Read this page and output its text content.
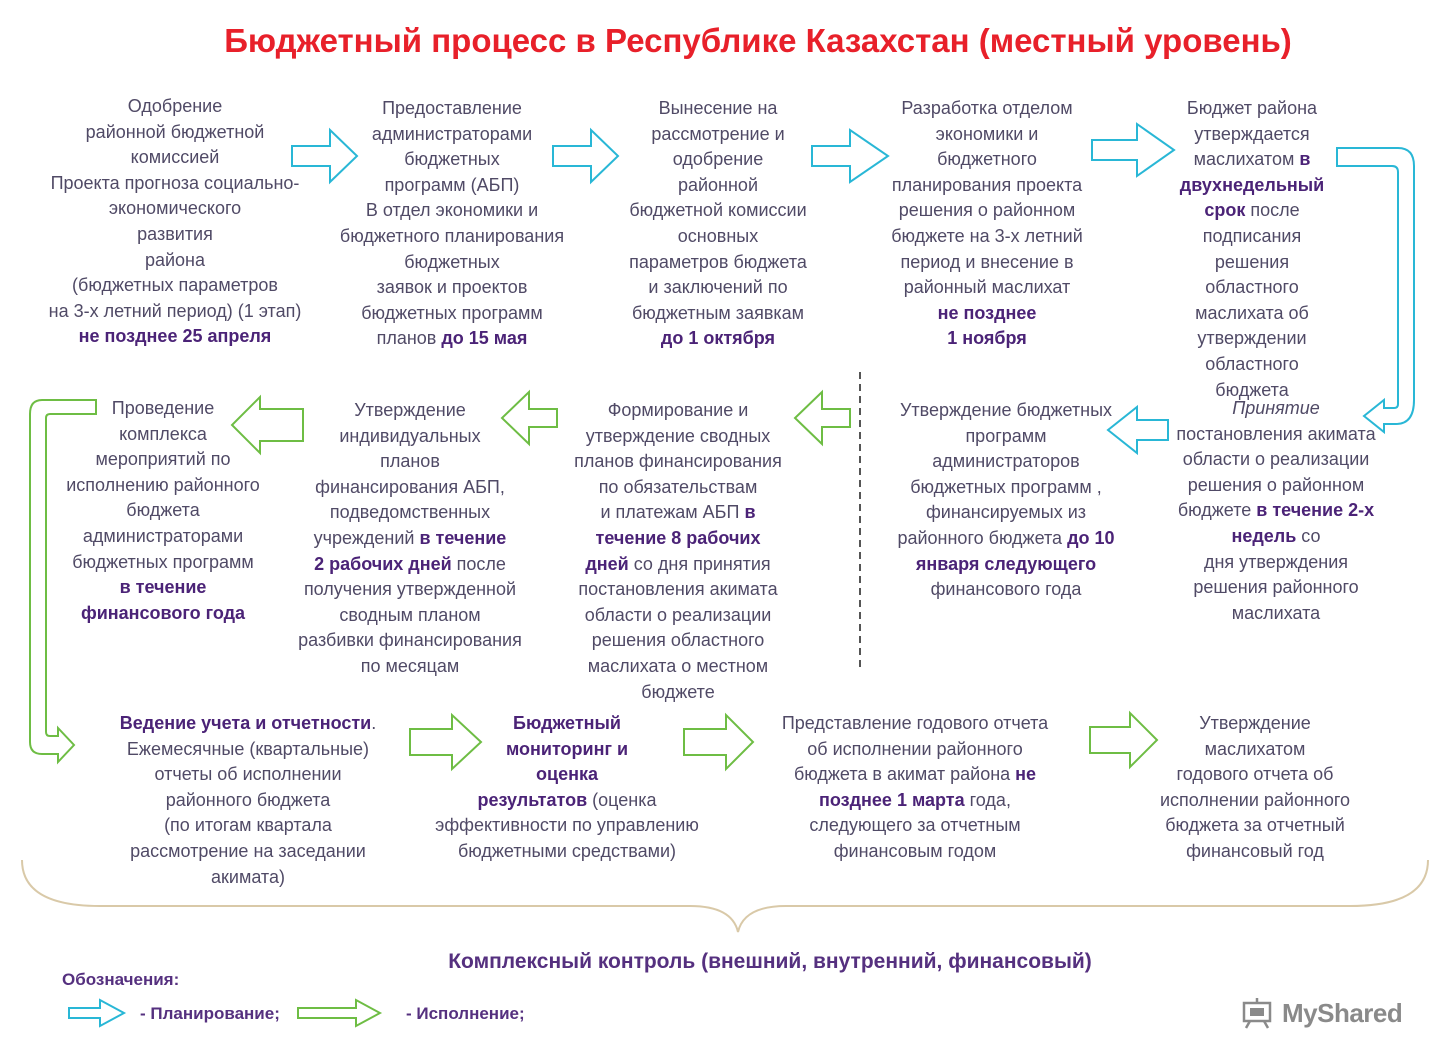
Бюджетный процесс в Республике Казахстан (местный уровень)
Одобрение
районной бюджетной
комиссией
Проекта прогноза социально-
экономического
развития
района
(бюджетных параметров
на 3-х летний период) (1 этап)
не позднее 25 апреля
Предоставление
администраторами
бюджетных
программ (АБП)
В отдел экономики и
бюджетного планирования
бюджетных
заявок и проектов
бюджетных программ
планов до 15 мая
Вынесение на
рассмотрение и
одобрение
районной
бюджетной комиссии
основных
параметров бюджета
и заключений по
бюджетным заявкам
до 1 октября
Разработка отделом
экономики и
бюджетного
планирования проекта
решения о районном
бюджете на 3-х летний
период и внесение в
районный маслихат
не позднее
1 ноября
Бюджет района
утверждается
маслихатом в
двухнедельный
срок после
подписания
решения
областного
маслихата об
утверждении
областного
бюджета
Принятие
постановления акимата
области о реализации
решения о районном
бюджете в течение 2-х
недель со
дня утверждения
решения районного
маслихата
Утверждение бюджетных
программ
администраторов
бюджетных программ ,
финансируемых из
районного бюджета до 10
января следующего
финансового года
Формирование и
утверждение сводных
планов финансирования
по обязательствам
и платежам АБП в
течение 8 рабочих
дней со дня принятия
постановления акимата
области о реализации
решения областного
маслихата о местном
бюджете
Утверждение
индивидуальных
планов
финансирования АБП,
подведомственных
учреждений в течение
2 рабочих дней после
получения утвержденной
сводным планом
разбивки финансирования
по месяцам
Проведение
комплекса
мероприятий по
исполнению районного
бюджета
администраторами
бюджетных программ
в течение
финансового года
Ведение учета и отчетности.
Ежемесячные (квартальные)
отчеты об исполнении
районного бюджета
(по итогам квартала
рассмотрение на заседании
акимата)
Бюджетный
мониторинг и
оценка
результатов (оценка
эффективности по управлению
бюджетными средствами)
Представление годового отчета
об исполнении районного
бюджета в акимат района не
позднее 1 марта года,
следующего за отчетным
финансовым годом
Утверждение
маслихатом
годового отчета об
исполнении районного
бюджета за отчетный
финансовый год
Комплексный контроль (внешний, внутренний, финансовый)
Обозначения:
- Планирование;	- Исполнение;	MyShared
